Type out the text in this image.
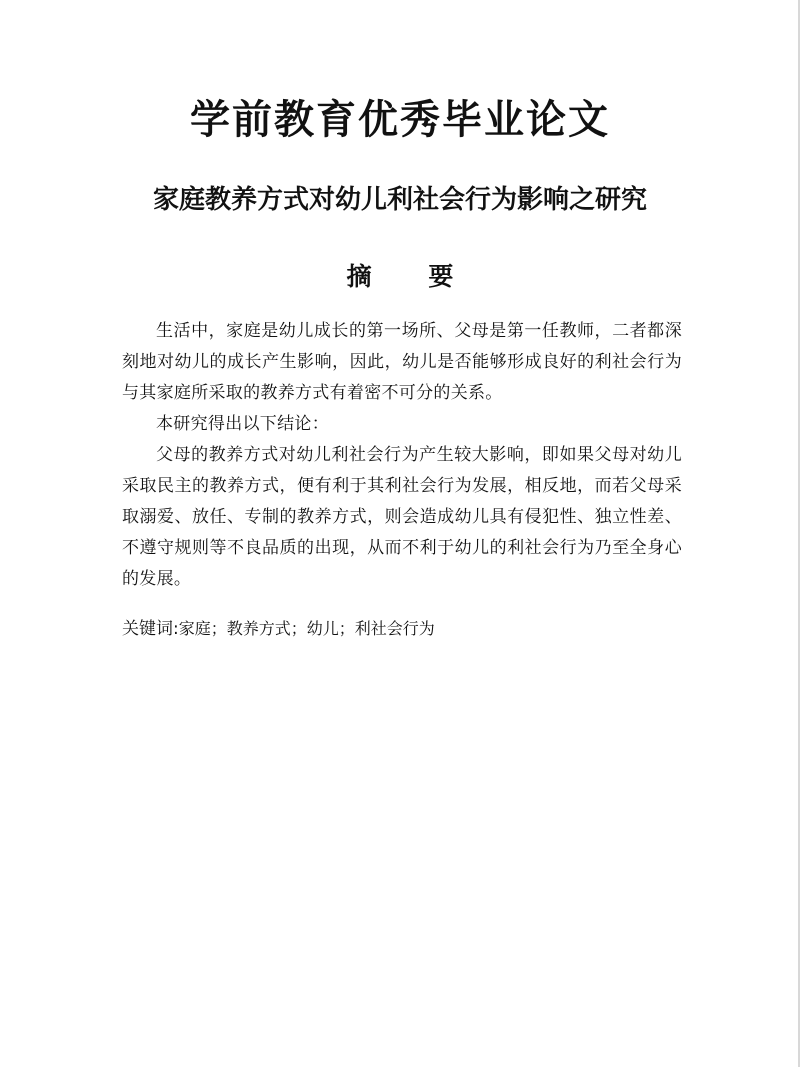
学前教育优秀毕业论文
家庭教养方式对幼儿利社会行为影响之研究
摘 要

生活中，家庭是幼儿成长的第一场所、父母是第一任教师，二者都深刻地对幼儿的成长产生影响，因此，幼儿是否能够形成良好的利社会行为与其家庭所采取的教养方式有着密不可分的关系。

本研究得出以下结论：

父母的教养方式对幼儿利社会行为产生较大影响，即如果父母对幼儿采取民主的教养方式，便有利于其利社会行为发展，相反地，而若父母采取溺爱、放任、专制的教养方式，则会造成幼儿具有侵犯性、独立性差、不遵守规则等不良品质的出现，从而不利于幼儿的利社会行为乃至全身心的发展。

关键词:家庭；教养方式；幼儿；利社会行为
